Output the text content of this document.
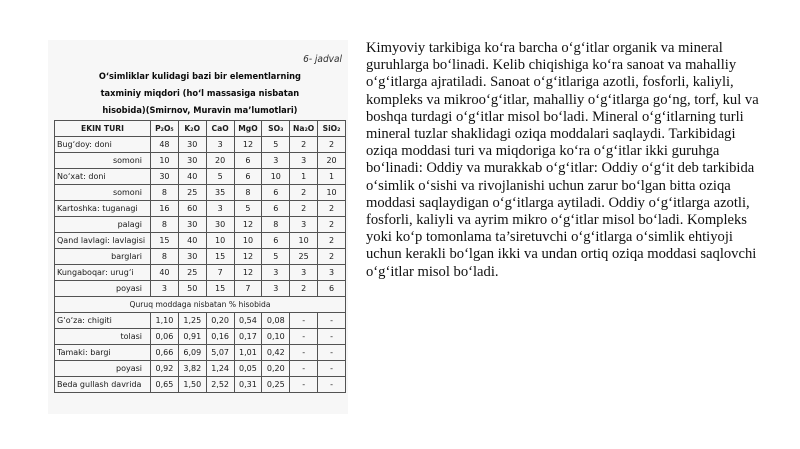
6- jadval
O‘simliklar kulidagi bazi bir elementlarning taxminiy miqdori (ho‘l massasiga nisbatan hisobida)(Smirnov, Muravin ma’lumotlari)
EKIN TURI	P₂O₅	K₂O	CaO	MgO	SO₃	Na₂O	SiO₂
Bug‘doy: doni	48	30	3	12	5	2	2
somoni	10	30	20	6	3	3	20
No‘xat: doni	30	40	5	6	10	1	1
somoni	8	25	35	8	6	2	10
Kartoshka: tuganagi	16	60	3	5	6	2	2
palagi	8	30	30	12	8	3	2
Qand lavlagi: lavlagisi	15	40	10	10	6	10	2
barglari	8	30	15	12	5	25	2
Kungaboqar: urug‘i	40	25	7	12	3	3	3
poyasi	3	50	15	7	3	2	6
Quruq moddaga nisbatan % hisobida							
G‘o‘za: chigiti	1,10	1,25	0,20	0,54	0,08	-	-
tolasi	0,06	0,91	0,16	0,17	0,10	-	-
Tamaki: bargi	0,66	6,09	5,07	1,01	0,42	-	-
poyasi	0,92	3,82	1,24	0,05	0,20	-	-
Beda gullash davrida	0,65	1,50	2,52	0,31	0,25	-	-
Kimyoviy tarkibiga ko‘ra barcha o‘g‘itlar organik va mineral guruhlarga bo‘linadi. Kelib chiqishiga ko‘ra sanoat va mahalliy o‘g‘itlarga ajratiladi. Sanoat o‘g‘itlariga azotli, fosforli, kaliyli, kompleks va mikroo‘g‘itlar, mahalliy o‘g‘itlarga go‘ng, torf, kul va boshqa turdagi o‘g‘itlar misol bo‘ladi. Mineral o‘g‘itlarning turli mineral tuzlar shaklidagi oziqa moddalari saqlaydi. Tarkibidagi oziqa moddasi turi va miqdoriga ko‘ra o‘g‘itlar ikki guruhga bo‘linadi: Oddiy va murakkab o‘g‘itlar: Oddiy o‘g‘it deb tarkibida o‘simlik o‘sishi va rivojlanishi uchun zarur bo‘lgan bitta oziqa moddasi saqlaydigan o‘g‘itlarga aytiladi. Oddiy o‘g‘itlarga azotli, fosforli, kaliyli va ayrim mikro o‘g‘itlar misol bo‘ladi. Kompleks yoki ko‘p tomonlama ta’siretuvchi o‘g‘itlarga o‘simlik ehtiyoji uchun kerakli bo‘lgan ikki va undan ortiq oziqa moddasi saqlovchi o‘g‘itlar misol bo‘ladi.
